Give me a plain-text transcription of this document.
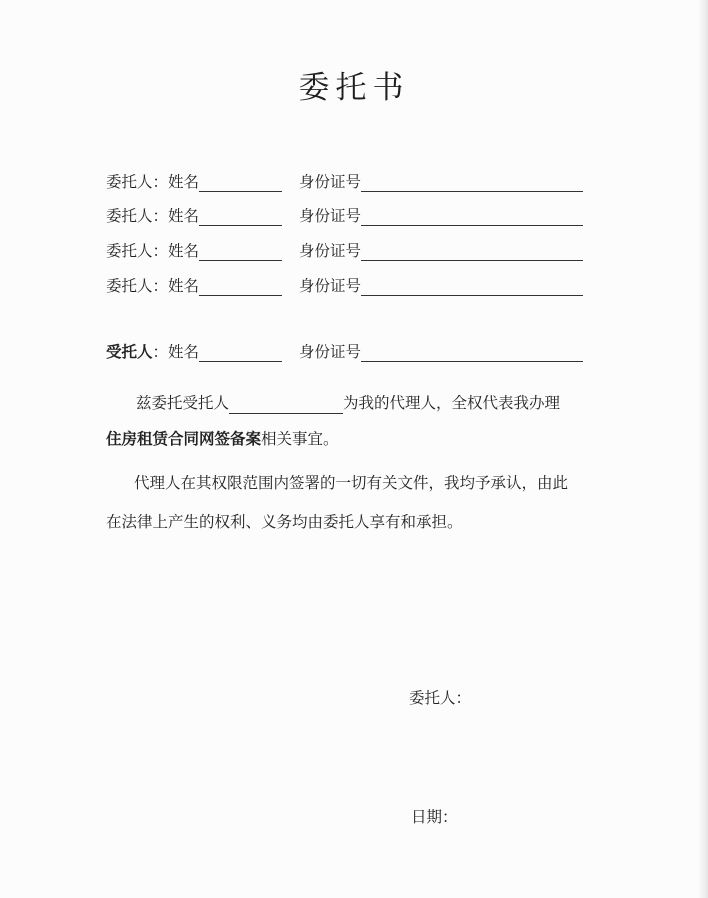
委托书
委托人：姓名	身份证号
委托人：姓名	身份证号
委托人：姓名	身份证号
委托人：姓名	身份证号
受托人：姓名	身份证号
兹委托受托人	为我的代理人，全权代表我办理
住房租赁合同网签备案相关事宜。
代理人在其权限范围内签署的一切有关文件，我均予承认，由此
在法律上产生的权利、义务均由委托人享有和承担。
委托人：
日期：
